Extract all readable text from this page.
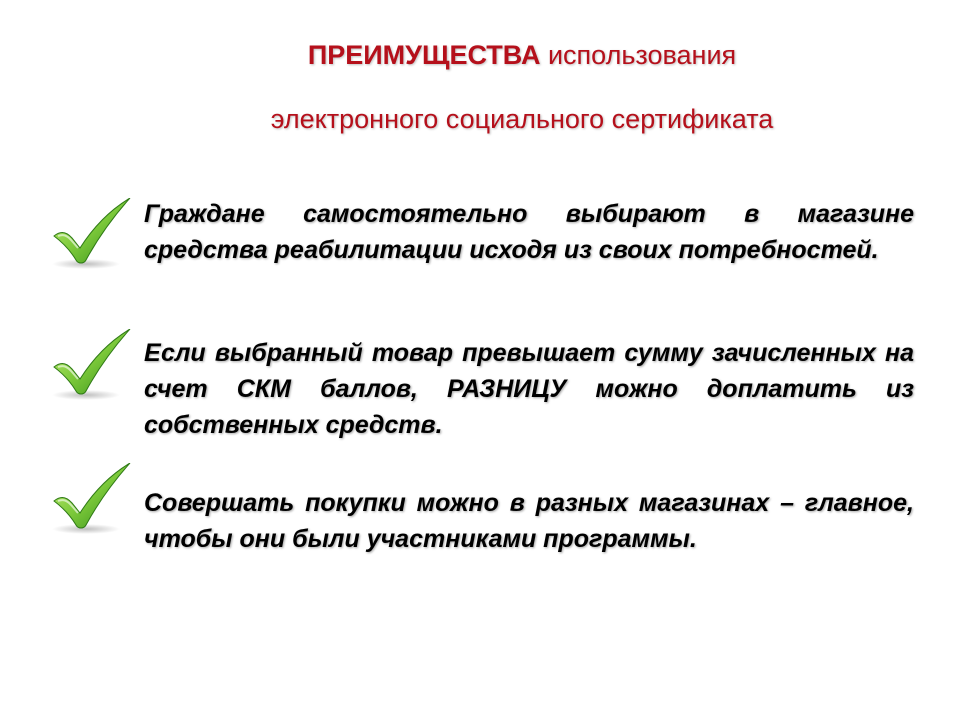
ПРЕИМУЩЕСТВА использования
электронного социального сертификата
Граждане самостоятельно выбирают в магазине средства реабилитации исходя из своих потребностей.
Если выбранный товар превышает сумму зачисленных на счет СКМ баллов, РАЗНИЦУ можно доплатить из собственных средств.
Совершать покупки можно в разных магазинах – главное, чтобы они были участниками программы.
